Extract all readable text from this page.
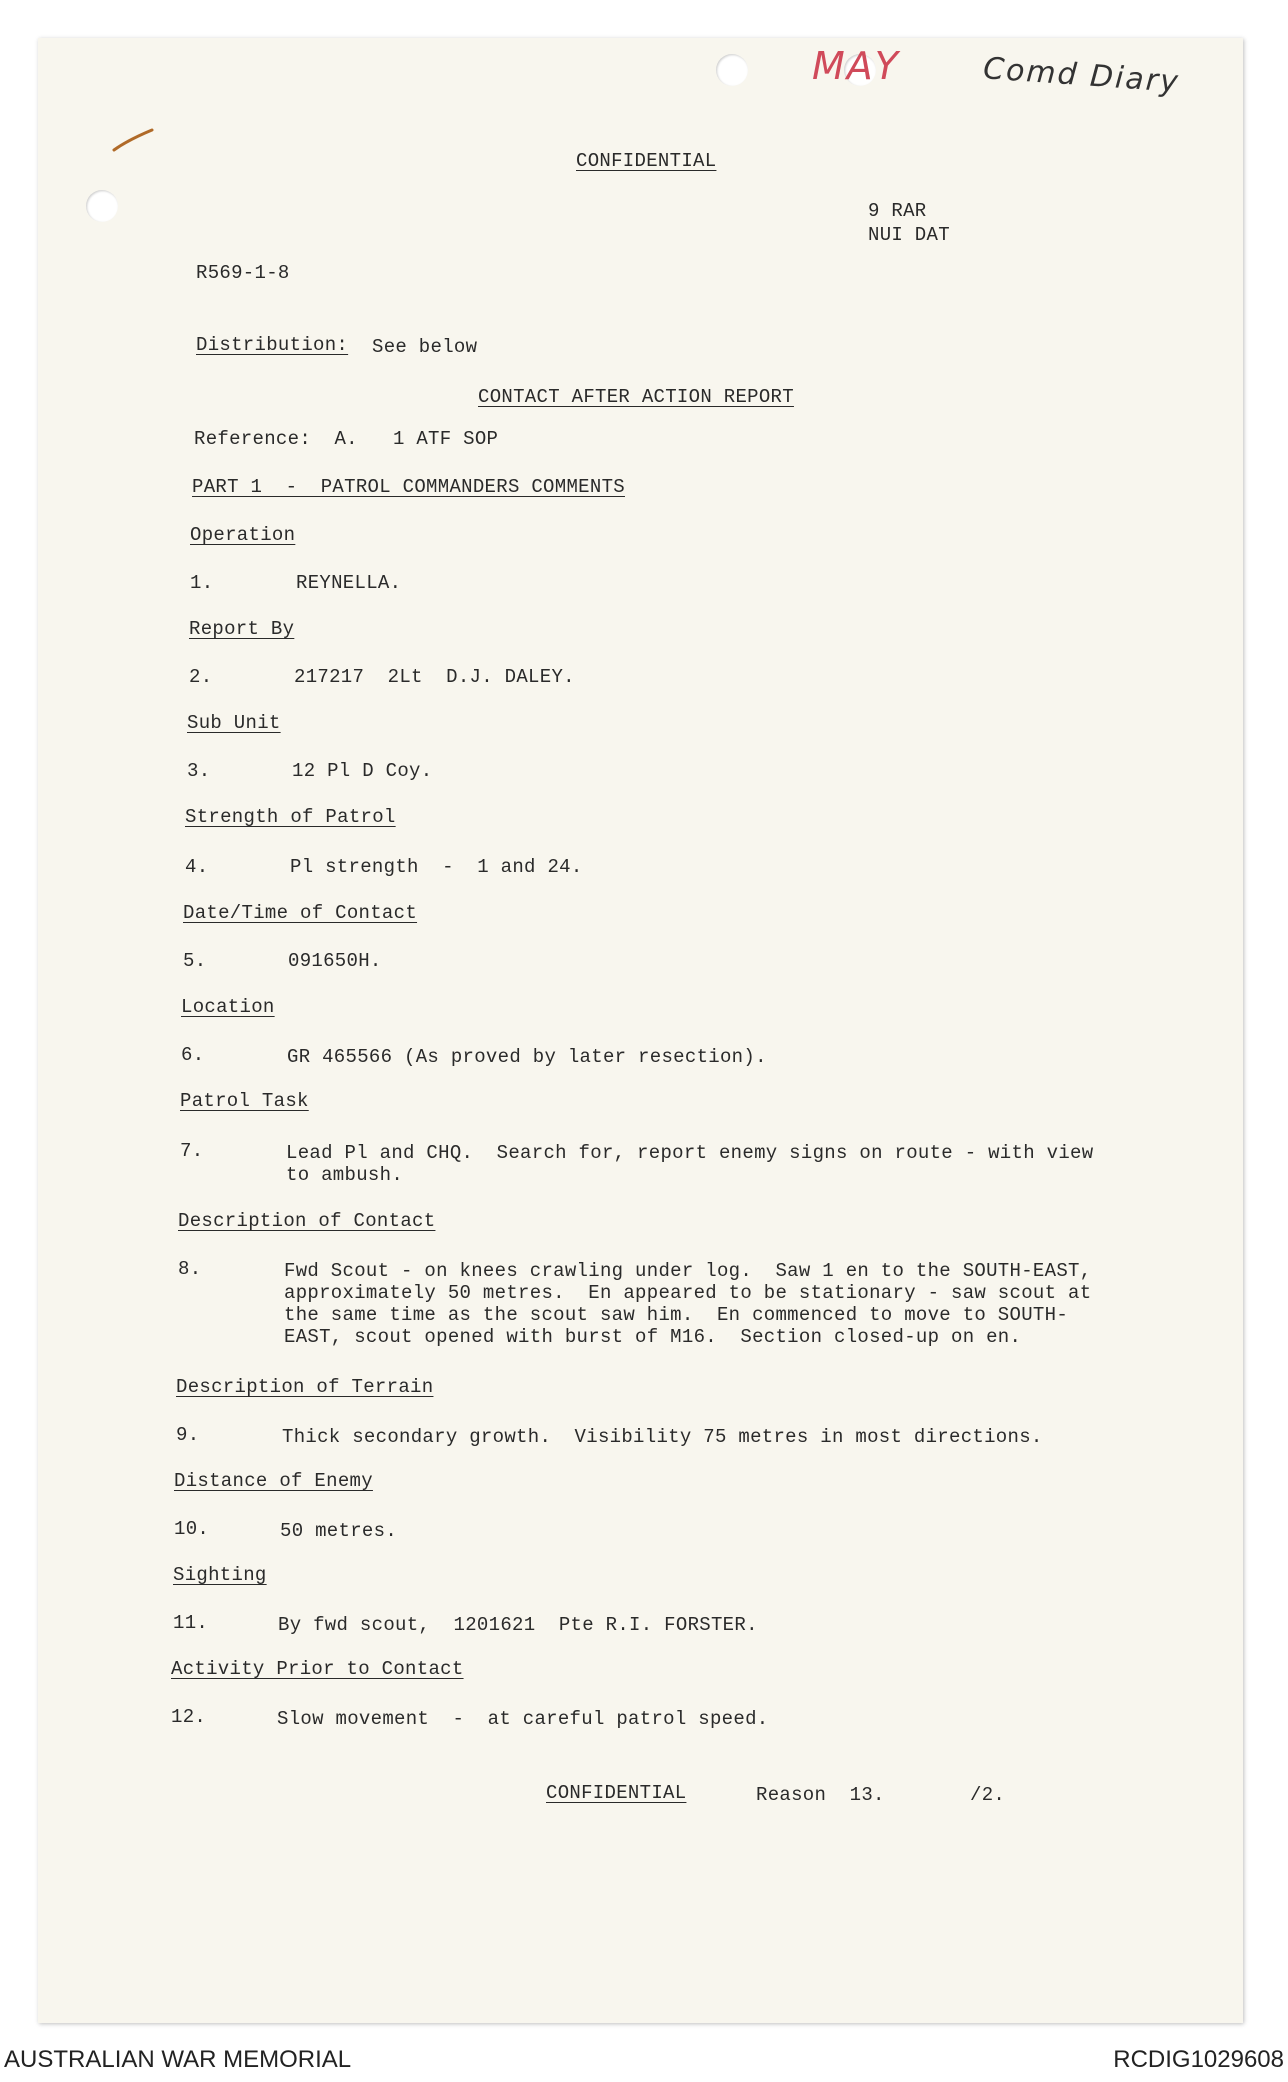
MAY	Comd Diary
CONFIDENTIAL
9 RAR
NUI DAT
R569-1-8
Distribution: See below
CONTACT AFTER ACTION REPORT
Reference: A.   1 ATF SOP
PART 1  -  PATROL COMMANDERS COMMENTS
Operation
1.	REYNELLA.
Report By
2.	217217  2Lt  D.J. DALEY.
Sub Unit
3.	12 Pl D Coy.
Strength of Patrol
4.	Pl strength  -  1 and 24.
Date/Time of Contact
5.	091650H.
Location
6.	GR 465566 (As proved by later resection).
Patrol Task
7.	Lead Pl and CHQ.  Search for, report enemy signs on route - with view
to ambush.
Description of Contact
8.	Fwd Scout - on knees crawling under log.  Saw 1 en to the SOUTH-EAST,
approximately 50 metres.  En appeared to be stationary - saw scout at
the same time as the scout saw him.  En commenced to move to SOUTH-
EAST, scout opened with burst of M16.  Section closed-up on en.
Description of Terrain
9.	Thick secondary growth.  Visibility 75 metres in most directions.
Distance of Enemy
10.	50 metres.
Sighting
11.	By fwd scout,  1201621  Pte R.I. FORSTER.
Activity Prior to Contact
12.	Slow movement  -  at careful patrol speed.
CONFIDENTIAL	Reason  13.	/2.
AUSTRALIAN WAR MEMORIAL	RCDIG1029608
